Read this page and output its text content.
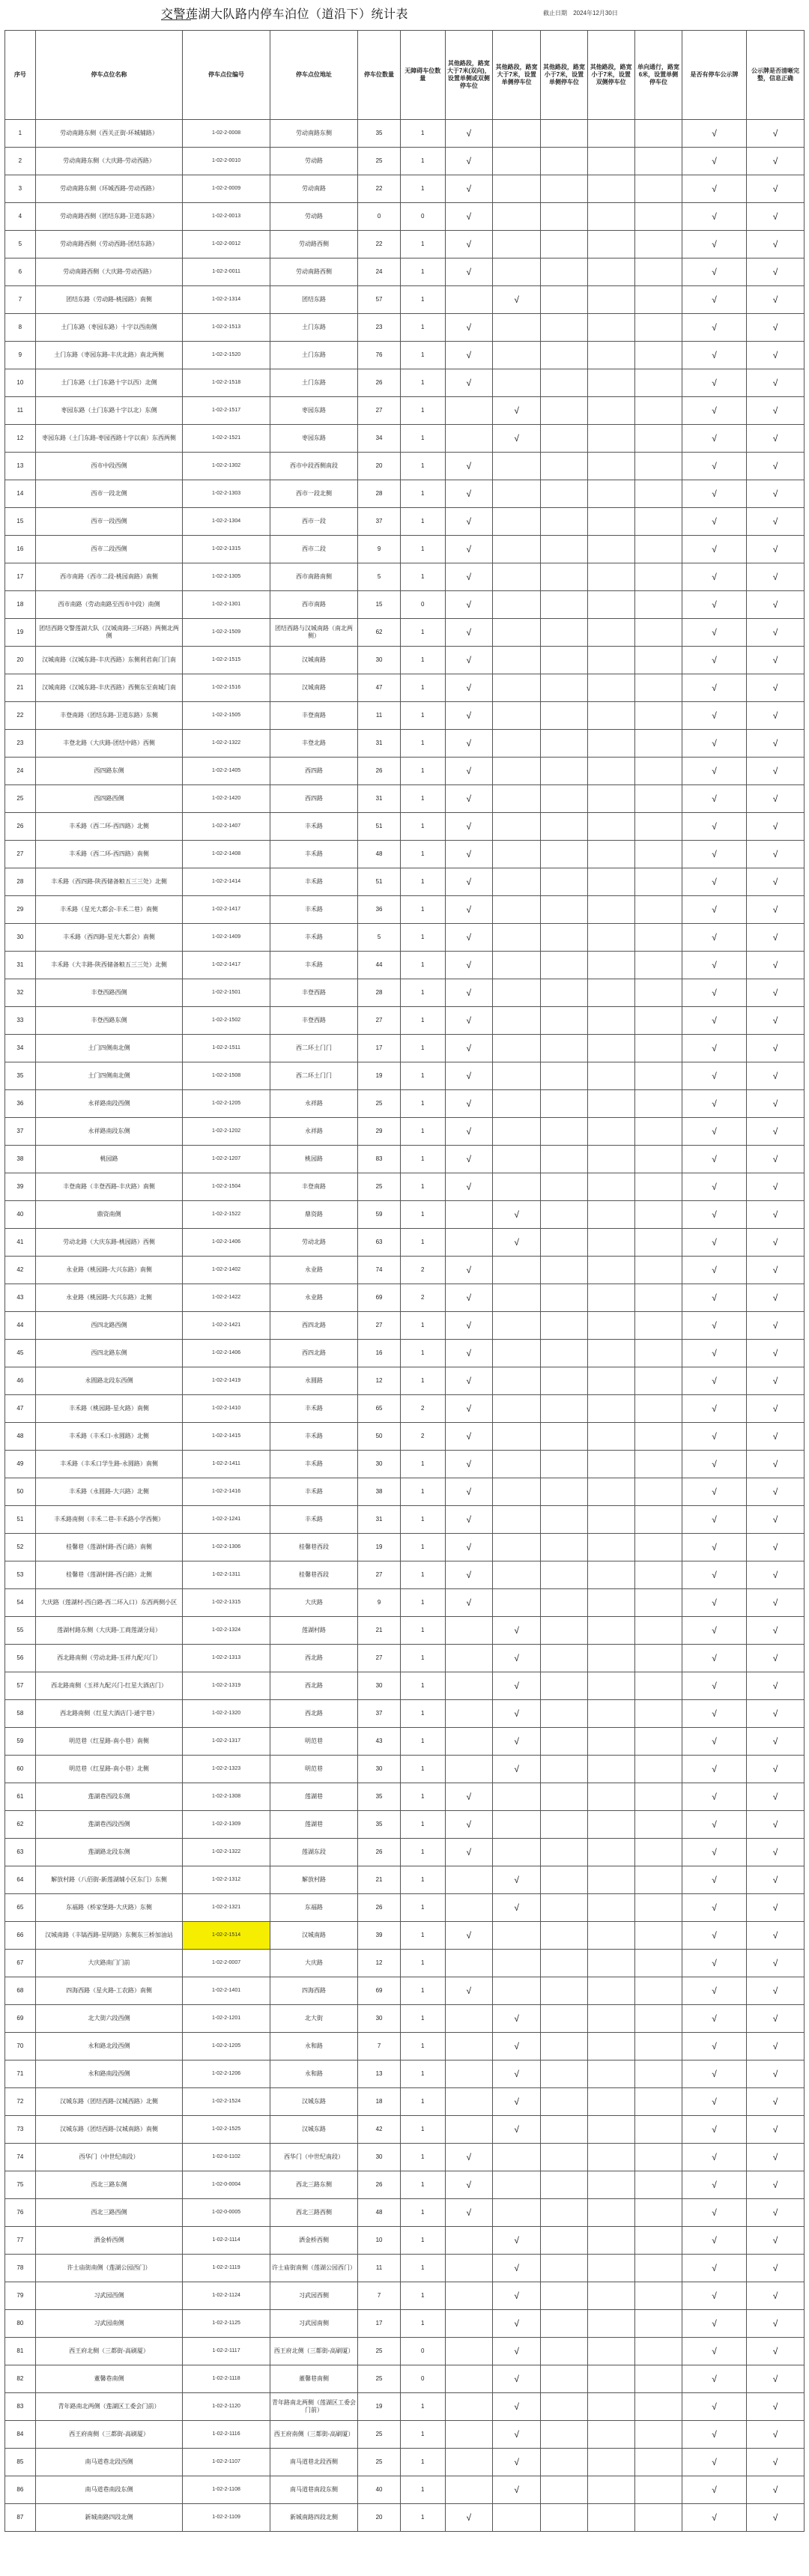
交警莲湖大队路内停车泊位（道沿下）统计表	截止日期 2024年12月30日
序号	停车点位名称	停车点位编号	停车点位地址	停车位数量	无障碍车位数量	其他路段，路宽大于7米(双向)，设置单侧或双侧停车位	其他路段，路宽大于7米，设置单侧停车位	其他路段，路宽小于7米，设置单侧停车位	其他路段，路宽小于7米，设置双侧停车位	单向通行，路宽6米，设置单侧停车位	是否有停车公示牌	公示牌是否清晰完整，信息正确
1	劳动南路东侧（西关正街-环城辅路）	1-02-2-0008	劳动南路东侧	35	1	√					√	√
2	劳动南路东侧（大庆路-劳动西路）	1-02-2-0010	劳动路	25	1	√					√	√
3	劳动南路东侧（环城西路-劳动西路）	1-02-2-0009	劳动南路	22	1	√					√	√
4	劳动南路西侧（团结东路-卫道东路）	1-02-2-0013	劳动路	0	0	√					√	√
5	劳动南路西侧（劳动西路-团结东路）	1-02-2-0012	劳动路西侧	22	1	√					√	√
6	劳动南路西侧（大庆路-劳动西路）	1-02-2-0011	劳动南路西侧	24	1	√					√	√
7	团结东路（劳动路-桃园路）南侧	1-02-2-1314	团结东路	57	1		√				√	√
8	土门东路（枣园东路）十字以西南侧	1-02-2-1513	土门东路	23	1	√					√	√
9	土门东路（枣园东路-丰庆北路）南北两侧	1-02-2-1520	土门东路	76	1	√					√	√
10	土门东路（土门东路十字以西）北侧	1-02-2-1518	土门东路	26	1	√					√	√
11	枣园东路（土门东路十字以北）东侧	1-02-2-1517	枣园东路	27	1		√				√	√
12	枣园东路（土门东路-枣园西路十字以南）东西两侧	1-02-2-1521	枣园东路	34	1		√				√	√
13	西市中段西侧	1-02-2-1302	西市中段西侧南段	20	1	√					√	√
14	西市一段北侧	1-02-2-1303	西市一段北侧	28	1	√					√	√
15	西市一段西侧	1-02-2-1304	西市一段	37	1	√					√	√
16	西市二段西侧	1-02-2-1315	西市二段	9	1	√					√	√
17	西市南路（西市二段-桃园南路）南侧	1-02-2-1305	西市南路南侧	5	1	√					√	√
18	西市南路（劳动南路至西市中段）南侧	1-02-2-1301	西市南路	15	0	√					√	√
19	团结西路交警莲湖大队（汉城南路-三环路）两侧北两侧	1-02-2-1509	团结西路与汉城南路（南北两侧）	62	1	√					√	√
20	汉城南路（汉城东路-丰庆西路）东侧利君南门门南	1-02-2-1515	汉城南路	30	1	√					√	√
21	汉城南路（汉城东路-丰庆西路）西侧东至南城门南	1-02-2-1516	汉城南路	47	1	√					√	√
22	丰登南路（团结东路-卫道东路）东侧	1-02-2-1505	丰登南路	11	1	√					√	√
23	丰登北路（大庆路-团结中路）西侧	1-02-2-1322	丰登北路	31	1	√					√	√
24	西四路东侧	1-02-2-1405	西四路	26	1	√					√	√
25	西四路西侧	1-02-2-1420	西四路	31	1	√					√	√
26	丰禾路（西二环-西四路）北侧	1-02-2-1407	丰禾路	51	1	√					√	√
27	丰禾路（西二环-西四路）南侧	1-02-2-1408	丰禾路	48	1	√					√	√
28	丰禾路（西四路-陕西储备粮五三三处）北侧	1-02-2-1414	丰禾路	51	1	√					√	√
29	丰禾路（星光大都会-丰禾二巷）南侧	1-02-2-1417	丰禾路	36	1	√					√	√
30	丰禾路（西四路-星光大都会）南侧	1-02-2-1409	丰禾路	5	1	√					√	√
31	丰禾路（大丰路-陕西储备粮五三三处）北侧	1-02-2-1417	丰禾路	44	1	√					√	√
32	丰登西路西侧	1-02-2-1501	丰登西路	28	1	√					√	√
33	丰登西路东侧	1-02-2-1502	丰登西路	27	1	√					√	√
34	土门四侧南北侧	1-02-2-1511	西二环土门门	17	1	√					√	√
35	土门四侧南北侧	1-02-2-1508	西二环土门门	19	1	√					√	√
36	永祥路南段西侧	1-02-2-1205	永祥路	25	1	√					√	√
37	永祥路南段东侧	1-02-2-1202	永祥路	29	1	√					√	√
38	桃园路	1-02-2-1207	桃园路	83	1	√					√	√
39	丰登南路（丰登西路-丰庆路）南侧	1-02-2-1504	丰登南路	25	1	√					√	√
40	鼎资南侧	1-02-2-1522	鼎资路	59	1		√				√	√
41	劳动北路（大庆东路-桃园路）西侧	1-02-2-1406	劳动北路	63	1		√				√	√
42	永业路（桃园路-大兴东路）南侧	1-02-2-1402	永业路	74	2	√					√	√
43	永业路（桃园路-大兴东路）北侧	1-02-2-1422	永业路	69	2	√					√	√
44	西四北路西侧	1-02-2-1421	西四北路	27	1	√					√	√
45	西四北路东侧	1-02-2-1406	西四北路	16	1	√					√	√
46	永圆路北段东西侧	1-02-2-1419	永圆路	12	1	√					√	√
47	丰禾路（桃园路-星火路）南侧	1-02-2-1410	丰禾路	65	2	√					√	√
48	丰禾路（丰禾口-永圆路）北侧	1-02-2-1415	丰禾路	50	2	√					√	√
49	丰禾路（丰禾口学生路-永圆路）南侧	1-02-2-1411	丰禾路	30	1	√					√	√
50	丰禾路（永圆路-大兴路）北侧	1-02-2-1416	丰禾路	38	1	√					√	√
51	丰禾路南侧（丰禾二巷-丰禾路小学西侧）	1-02-2-1241	丰禾路	31	1	√					√	√
52	桂馨巷（莲湖村路-西白路）南侧	1-02-2-1306	桂馨巷西段	19	1	√					√	√
53	桂馨巷（莲湖村路-西白路）北侧	1-02-2-1311	桂馨巷西段	27	1	√					√	√
54	大庆路（莲湖村-西白路-西二环入口）东西两侧小区	1-02-2-1315	大庆路	9	1	√					√	√
55	莲湖村路东侧（大庆路-工商莲湖分局）	1-02-2-1324	莲湖村路	21	1		√				√	√
56	西北路南侧（劳动北路-玉祥九配兴门）	1-02-2-1313	西北路	27	1		√				√	√
57	西北路南侧（玉祥九配兴门-红星大酒店门）	1-02-2-1319	西北路	30	1		√				√	√
58	西北路南侧（红星大酒店门-通宇巷）	1-02-2-1320	西北路	37	1		√				√	√
59	明范巷（红星路-南小巷）南侧	1-02-2-1317	明范巷	43	1		√				√	√
60	明范巷（红星路-南小巷）北侧	1-02-2-1323	明范巷	30	1		√				√	√
61	莲湖巷西段东侧	1-02-2-1308	莲湖巷	35	1	√					√	√
62	莲湖巷西段西侧	1-02-2-1309	莲湖巷	35	1	√					√	√
63	莲湖路北段东侧	1-02-2-1322	莲湖东段	26	1	√					√	√
64	解放村路（八佰街-新莲湖辅小区东门）东侧	1-02-2-1312	解放村路	21	1		√				√	√
65	东福路（桥家堡路-大庆路）东侧	1-02-2-1321	东福路	26	1		√				√	√
66	汉城南路（丰镐西路-星明路）东侧东三桥加油站	1-02-2-1514	汉城南路	39	1	√					√	√
67	大庆路南门门前	1-02-2-0007	大庆路	12	1						√	√
68	四海西路（星火路-工农路）南侧	1-02-2-1401	四海西路	69	1	√					√	√
69	北大街六段西侧	1-02-2-1201	北大街	30	1		√				√	√
70	永和路北段西侧	1-02-2-1205	永和路	7	1		√				√	√
71	永和路南段西侧	1-02-2-1206	永和路	13	1		√				√	√
72	汉城东路（团结西路-汉城西路）北侧	1-02-2-1524	汉城东路	18	1		√				√	√
73	汉城东路（团结西路-汉城南路）南侧	1-02-2-1525	汉城东路	42	1		√				√	√
74	西华门（中世纪南段）	1-02-0-1102	西华门（中世纪南段）	30	1	√					√	√
75	西北三路东侧	1-02-0-0004	西北三路东侧	26	1	√					√	√
76	西北三路西侧	1-02-0-0005	西北三路西侧	48	1	√					√	√
77	洒金桥西侧	1-02-2-1114	洒金桥西侧	10	1		√				√	√
78	许士庙街南侧（莲湖公园西门）	1-02-2-1119	许士庙街南侧（莲湖公园西门）	11	1		√				√	√
79	习武园西侧	1-02-2-1124	习武园西侧	7	1		√				√	√
80	习武园南侧	1-02-2-1125	习武园南侧	17	1		√				√	√
81	西王府北侧（三都街-高刷厦）	1-02-2-1117	西王府北侧（三都街-高刷厦）	25	0		√				√	√
82	董馨巷南侧	1-02-2-1118	董馨巷南侧	25	0		√				√	√
83	青年路南北两侧（莲湖区工委会门前）	1-02-2-1120	青年路南北两侧（莲湖区工委会门前）	19	1		√				√	√
84	西王府南侧（三都街-高刷厦）	1-02-2-1116	西王府南侧（三都街-高刷厦）	25	1		√				√	√
85	南马道巷北段西侧	1-02-2-1107	南马道巷北段西侧	25	1		√				√	√
86	南马道巷南段东侧	1-02-2-1108	南马道巷南段东侧	40	1		√				√	√
87	新城南路四段北侧	1-02-2-1109	新城南路四段北侧	20	1	√					√	√
